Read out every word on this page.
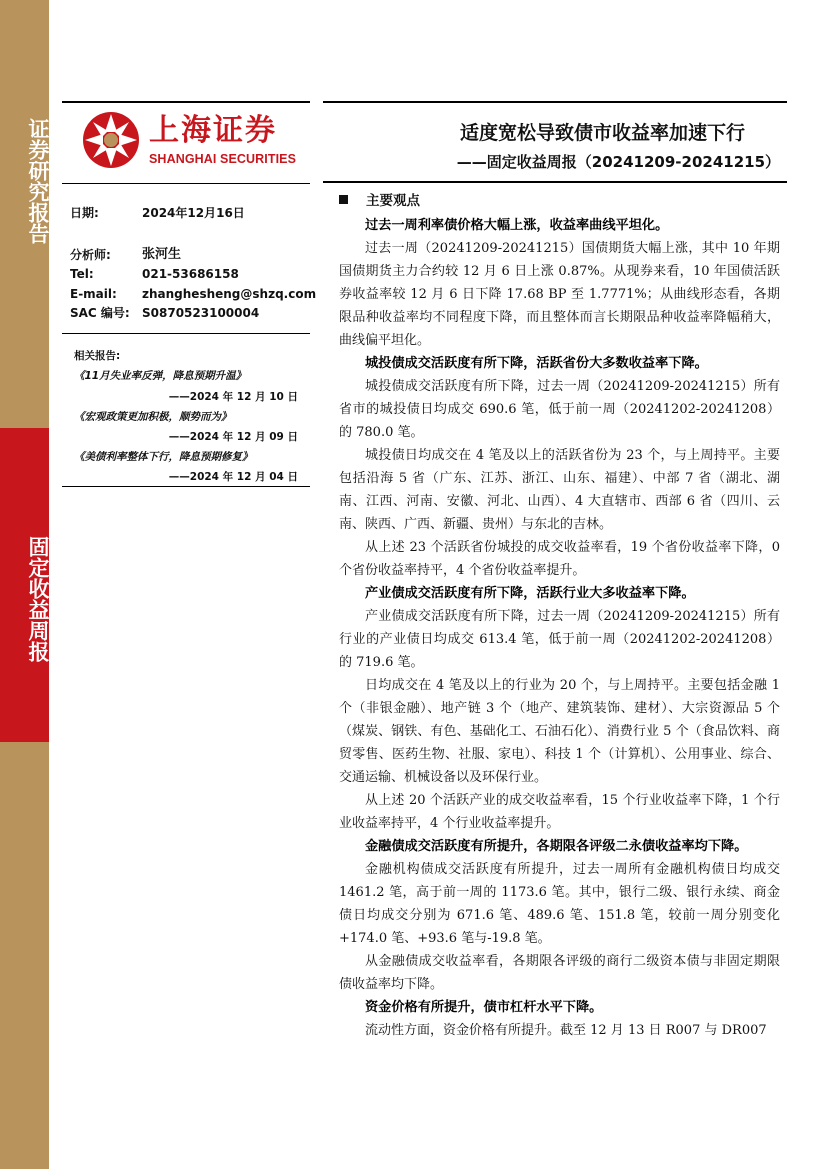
证券研究报告
固定收益周报
上海证券
SHANGHAI SECURITIES
适度宽松导致债市收益率加速下行
——固定收益周报（20241209-20241215）
日期:	2024年12月16日
分析师: 张河生
Tel:	021-53686158
E-mail: zhanghesheng@shzq.com
SAC 编号: S0870523100004
相关报告:
《11月失业率反弹，降息预期升温》
——2024 年 12 月 10 日
《宏观政策更加积极，顺势而为》
——2024 年 12 月 09 日
《美债利率整体下行，降息预期修复》
——2024 年 12 月 04 日
主要观点
过去一周利率债价格大幅上涨，收益率曲线平坦化。
过去一周（20241209-20241215）国债期货大幅上涨，其中 10 年期国债期货主力合约较 12 月 6 日上涨 0.87%。从现券来看，10 年国债活跃券收益率较 12 月 6 日下降 17.68 BP 至 1.7771%；从曲线形态看，各期限品种收益率均不同程度下降，而且整体而言长期限品种收益率降幅稍大，曲线偏平坦化。
城投债成交活跃度有所下降，活跃省份大多数收益率下降。
城投债成交活跃度有所下降，过去一周（20241209-20241215）所有省市的城投债日均成交 690.6 笔，低于前一周（20241202-20241208）的 780.0 笔。
城投债日均成交在 4 笔及以上的活跃省份为 23 个，与上周持平。主要包括沿海 5 省（广东、江苏、浙江、山东、福建）、中部 7 省（湖北、湖南、江西、河南、安徽、河北、山西）、4 大直辖市、西部 6 省（四川、云南、陕西、广西、新疆、贵州）与东北的吉林。
从上述 23 个活跃省份城投的成交收益率看，19 个省份收益率下降，0 个省份收益率持平，4 个省份收益率提升。
产业债成交活跃度有所下降，活跃行业大多收益率下降。
产业债成交活跃度有所下降，过去一周（20241209-20241215）所有行业的产业债日均成交 613.4 笔，低于前一周（20241202-20241208）的 719.6 笔。
日均成交在 4 笔及以上的行业为 20 个，与上周持平。主要包括金融 1 个（非银金融）、地产链 3 个（地产、建筑装饰、建材）、大宗资源品 5 个（煤炭、钢铁、有色、基础化工、石油石化）、消费行业 5 个（食品饮料、商贸零售、医药生物、社服、家电）、科技 1 个（计算机）、公用事业、综合、交通运输、机械设备以及环保行业。
从上述 20 个活跃产业的成交收益率看，15 个行业收益率下降，1 个行业收益率持平，4 个行业收益率提升。
金融债成交活跃度有所提升，各期限各评级二永债收益率均下降。
金融机构债成交活跃度有所提升，过去一周所有金融机构债日均成交 1461.2 笔，高于前一周的 1173.6 笔。其中，银行二级、银行永续、商金债日均成交分别为 671.6 笔、489.6 笔、151.8 笔，较前一周分别变化+174.0 笔、+93.6 笔与-19.8 笔。
从金融债成交收益率看，各期限各评级的商行二级资本债与非固定期限债收益率均下降。
资金价格有所提升，债市杠杆水平下降。
流动性方面，资金价格有所提升。截至 12 月 13 日 R007 与 DR007
